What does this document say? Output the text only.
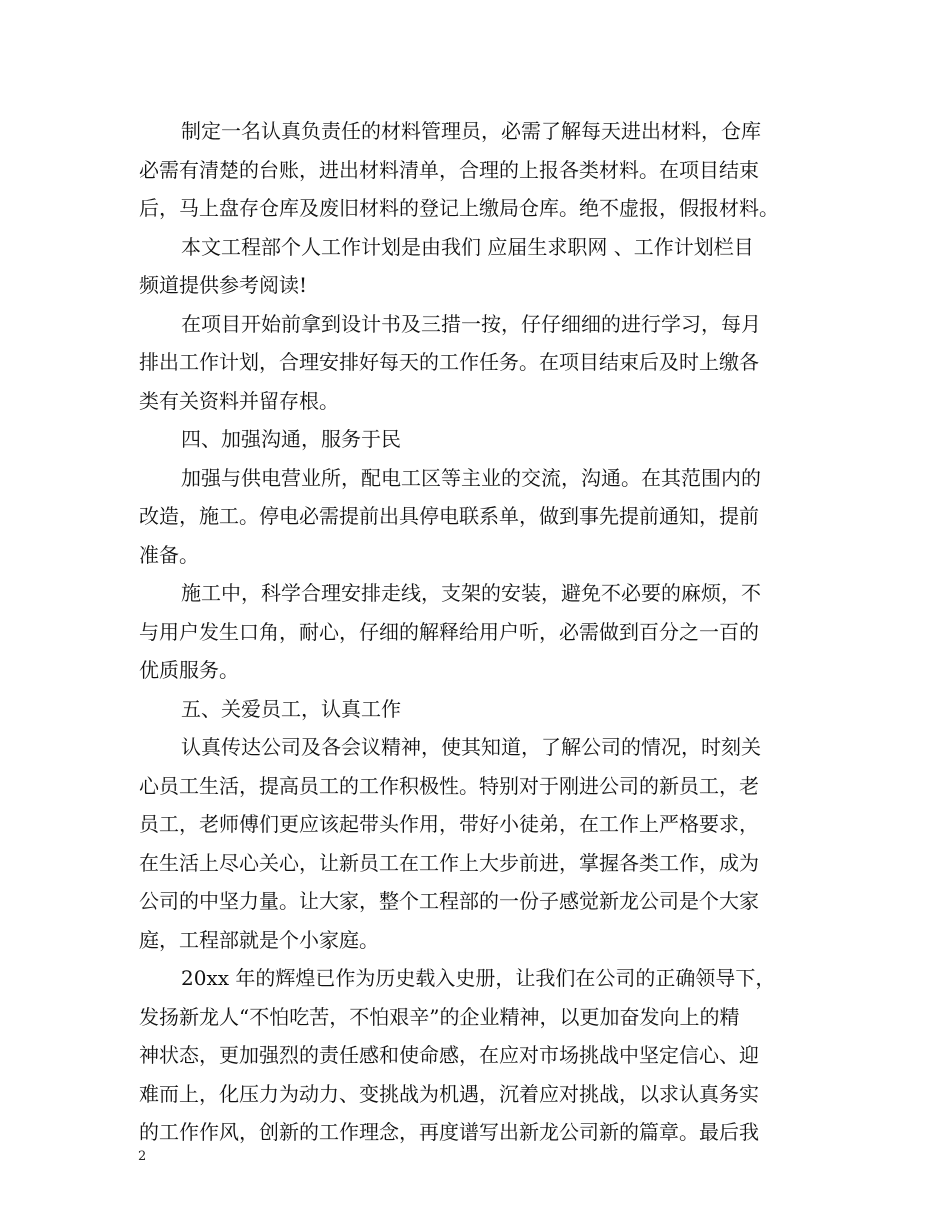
制定一名认真负责任的材料管理员，必需了解每天进出材料，仓库
必需有清楚的台账，进出材料清单，合理的上报各类材料。在项目结束
后，马上盘存仓库及废旧材料的登记上缴局仓库。绝不虚报，假报材料。
本文工程部个人工作计划是由我们 应届生求职网 、工作计划栏目
频道提供参考阅读!
在项目开始前拿到设计书及三措一按，仔仔细细的进行学习，每月
排出工作计划，合理安排好每天的工作任务。在项目结束后及时上缴各
类有关资料并留存根。
四、加强沟通，服务于民
加强与供电营业所，配电工区等主业的交流，沟通。在其范围内的
改造，施工。停电必需提前出具停电联系单，做到事先提前通知，提前
准备。
施工中，科学合理安排走线，支架的安装，避免不必要的麻烦，不
与用户发生口角，耐心，仔细的解释给用户听，必需做到百分之一百的
优质服务。
五、关爱员工，认真工作
认真传达公司及各会议精神，使其知道，了解公司的情况，时刻关
心员工生活，提高员工的工作积极性。特别对于刚进公司的新员工，老
员工，老师傅们更应该起带头作用，带好小徒弟，在工作上严格要求，
在生活上尽心关心，让新员工在工作上大步前进，掌握各类工作，成为
公司的中坚力量。让大家，整个工程部的一份子感觉新龙公司是个大家
庭，工程部就是个小家庭。
20xx 年的辉煌已作为历史载入史册，让我们在公司的正确领导下，
发扬新龙人“不怕吃苦，不怕艰辛”的企业精神，以更加奋发向上的精
神状态，更加强烈的责任感和使命感，在应对市场挑战中坚定信心、迎
难而上，化压力为动力、变挑战为机遇，沉着应对挑战，以求认真务实
的工作作风，创新的工作理念，再度谱写出新龙公司新的篇章。最后我
2
